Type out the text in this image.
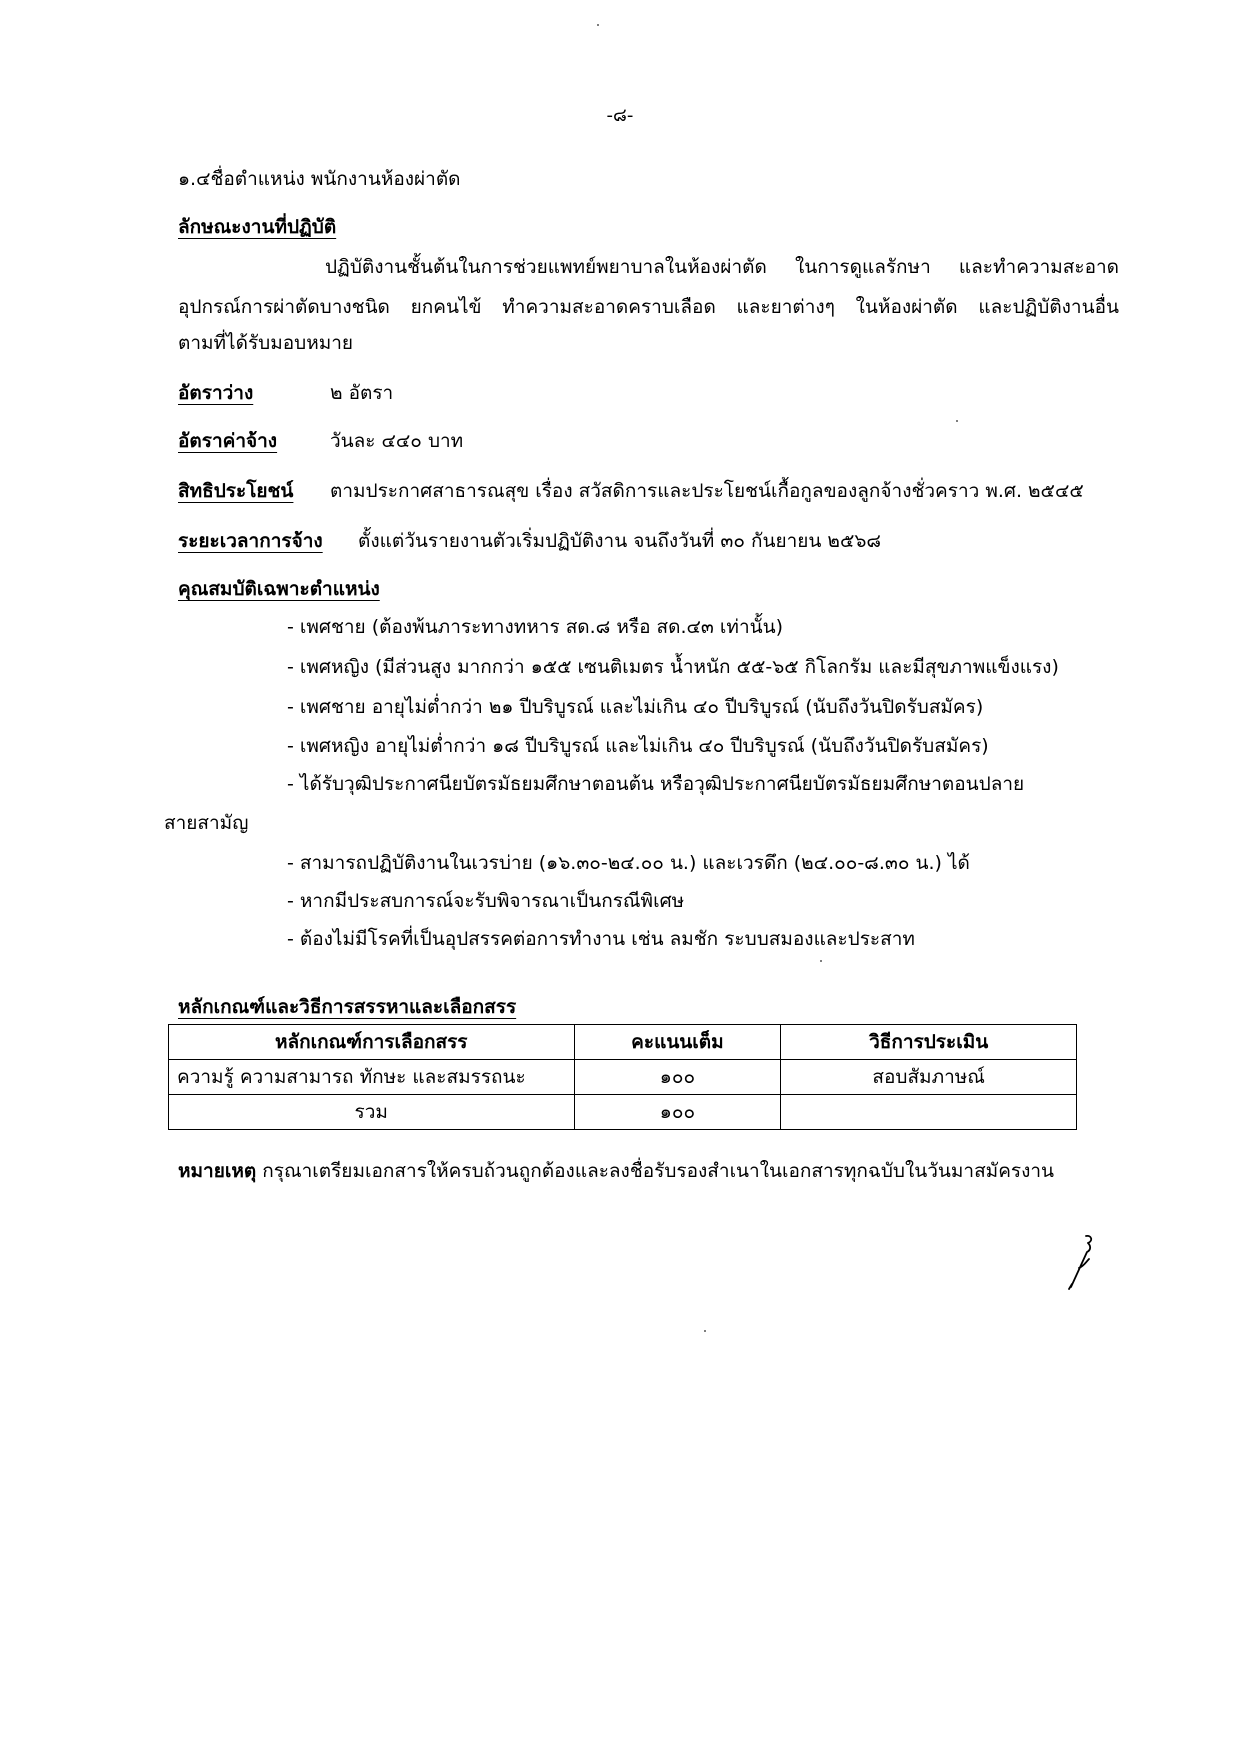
-๘-
๑.๔ชื่อตำแหน่ง พนักงานห้องผ่าตัด
ลักษณะงานที่ปฏิบัติ
ปฏิบัติงานชั้นต้นในการช่วยแพทย์พยาบาลในห้องผ่าตัด ในการดูแลรักษา และทำความสะอาด
อุปกรณ์การผ่าตัดบางชนิด ยกคนไข้ ทำความสะอาดคราบเลือด และยาต่างๆ ในห้องผ่าตัด และปฏิบัติงานอื่น
ตามที่ได้รับมอบหมาย
อัตราว่าง	๒ อัตรา
อัตราค่าจ้าง	วันละ ๔๔๐ บาท
สิทธิประโยชน์ ตามประกาศสาธารณสุข เรื่อง สวัสดิการและประโยชน์เกื้อกูลของลูกจ้างชั่วคราว พ.ศ. ๒๕๔๕
ระยะเวลาการจ้าง ตั้งแต่วันรายงานตัวเริ่มปฏิบัติงาน จนถึงวันที่ ๓๐ กันยายน ๒๕๖๘
คุณสมบัติเฉพาะตำแหน่ง
- เพศชาย (ต้องพ้นภาระทางทหาร สด.๘ หรือ สด.๔๓ เท่านั้น)
- เพศหญิง (มีส่วนสูง มากกว่า ๑๕๕ เซนติเมตร น้ำหนัก ๕๕-๖๕ กิโลกรัม และมีสุขภาพแข็งแรง)
- เพศชาย อายุไม่ต่ำกว่า ๒๑ ปีบริบูรณ์ และไม่เกิน ๔๐ ปีบริบูรณ์ (นับถึงวันปิดรับสมัคร)
- เพศหญิง อายุไม่ต่ำกว่า ๑๘ ปีบริบูรณ์ และไม่เกิน ๔๐ ปีบริบูรณ์ (นับถึงวันปิดรับสมัคร)
- ได้รับวุฒิประกาศนียบัตรมัธยมศึกษาตอนต้น หรือวุฒิประกาศนียบัตรมัธยมศึกษาตอนปลาย
สายสามัญ
- สามารถปฏิบัติงานในเวรบ่าย (๑๖.๓๐-๒๔.๐๐ น.) และเวรดึก (๒๔.๐๐-๘.๓๐ น.) ได้
- หากมีประสบการณ์จะรับพิจารณาเป็นกรณีพิเศษ
- ต้องไม่มีโรคที่เป็นอุปสรรคต่อการทำงาน เช่น ลมชัก ระบบสมองและประสาท
หลักเกณฑ์และวิธีการสรรหาและเลือกสรร
หลักเกณฑ์การเลือกสรร	คะแนนเต็ม	วิธีการประเมิน
ความรู้ ความสามารถ ทักษะ และสมรรถนะ	๑๐๐	สอบสัมภาษณ์
รวม	๑๐๐	
หมายเหตุ กรุณาเตรียมเอกสารให้ครบถ้วนถูกต้องและลงชื่อรับรองสำเนาในเอกสารทุกฉบับในวันมาสมัครงาน
